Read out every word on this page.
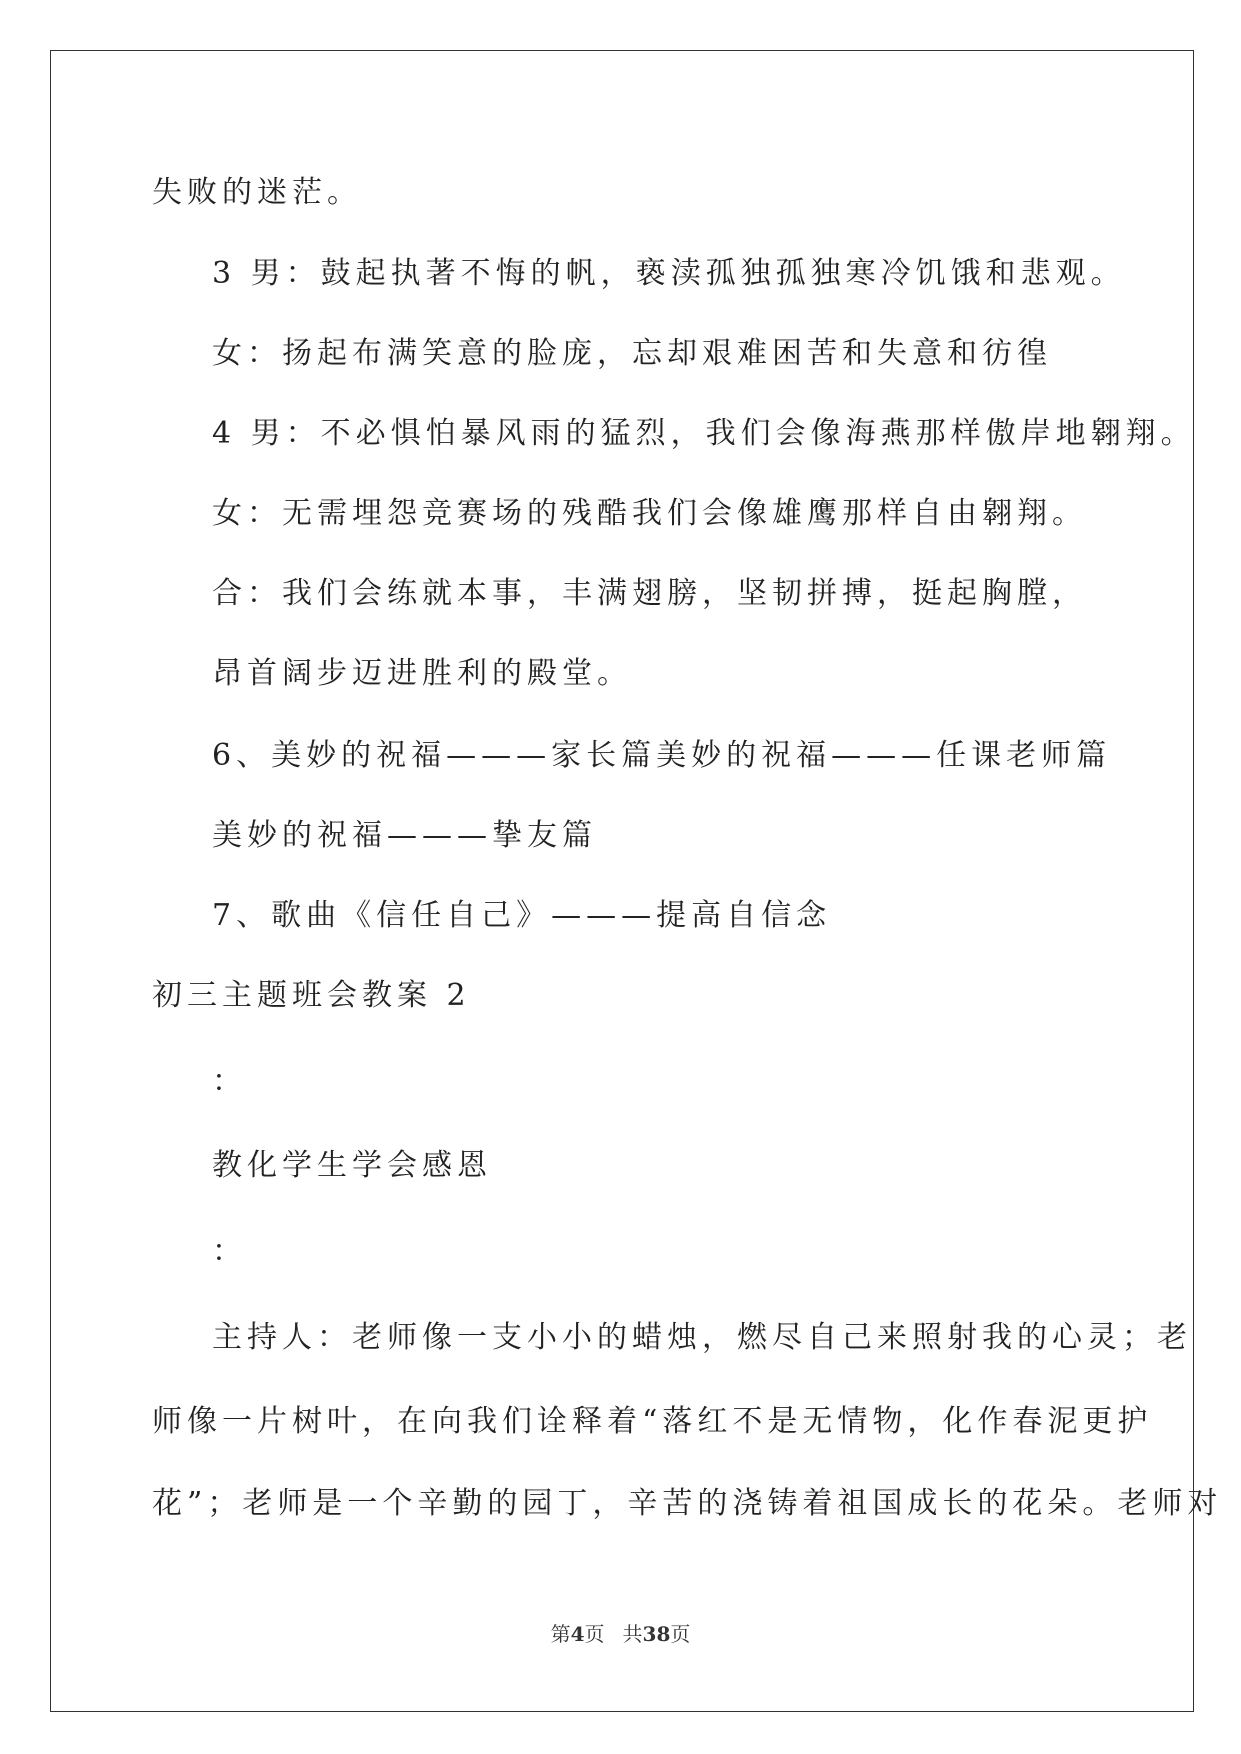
失败的迷茫。
3 男：鼓起执著不悔的帆，亵渎孤独孤独寒冷饥饿和悲观。
女：扬起布满笑意的脸庞，忘却艰难困苦和失意和彷徨
4 男：不必惧怕暴风雨的猛烈，我们会像海燕那样傲岸地翱翔。
女：无需埋怨竞赛场的残酷我们会像雄鹰那样自由翱翔。
合：我们会练就本事，丰满翅膀，坚韧拼搏，挺起胸膛，
昂首阔步迈进胜利的殿堂。
6、美妙的祝福———家长篇美妙的祝福———任课老师篇
美妙的祝福———挚友篇
7、歌曲《信任自己》———提高自信念
初三主题班会教案 2
：
教化学生学会感恩
：
主持人：老师像一支小小的蜡烛，燃尽自己来照射我的心灵；老
师像一片树叶，在向我们诠释着“落红不是无情物，化作春泥更护
花”；老师是一个辛勤的园丁，辛苦的浇铸着祖国成长的花朵。老师对
第4页 共38页
